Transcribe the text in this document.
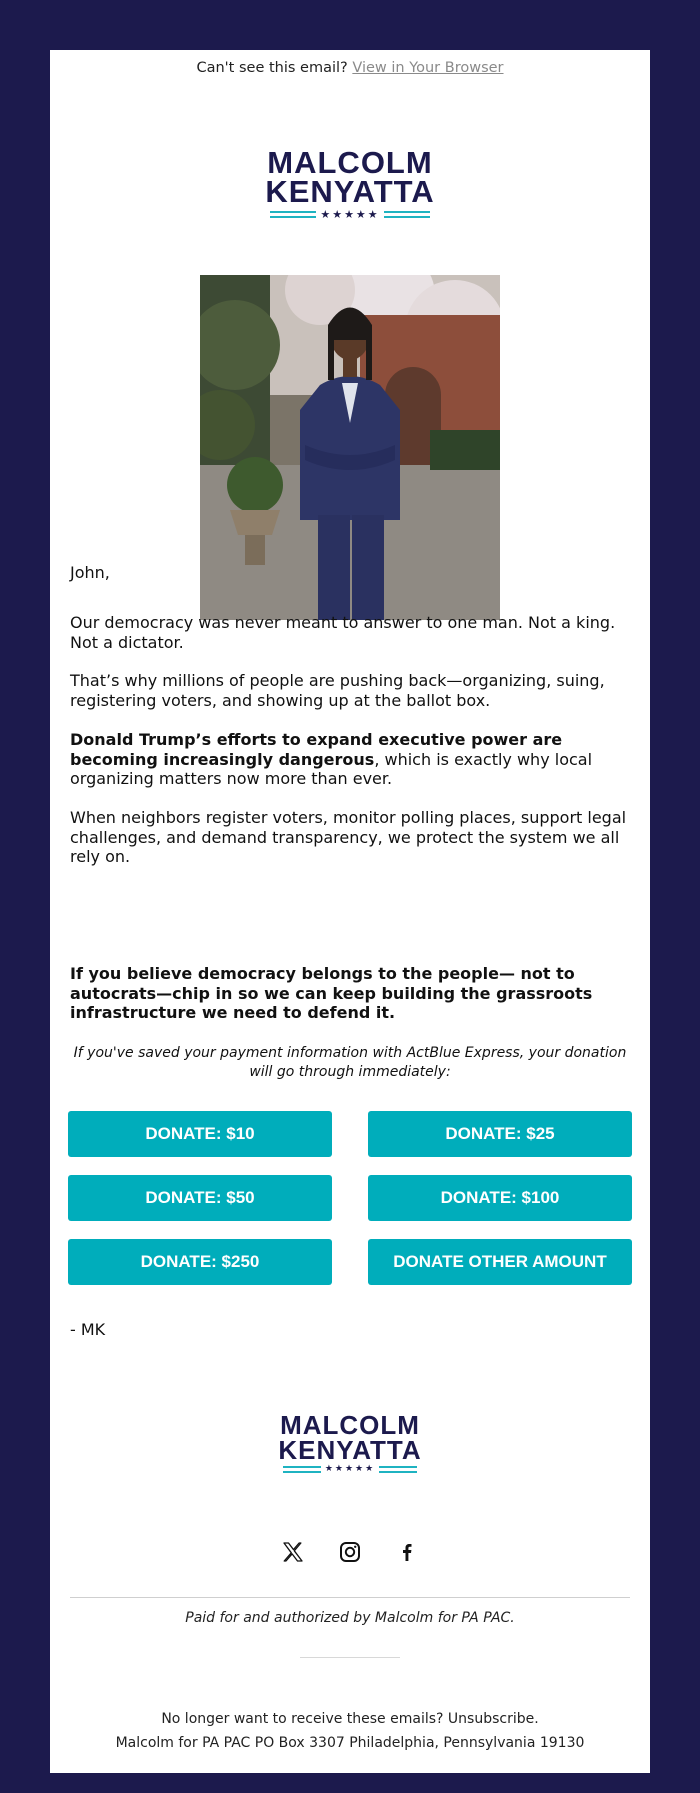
Can't see this email? View in Your Browser
MALCOLM
KENYATTA
★★★★★
John,
Our democracy was never meant to answer to one man. Not a king. Not a dictator.
That’s why millions of people are pushing back—organizing, suing, registering voters, and showing up at the ballot box.
Donald Trump’s efforts to expand executive power are becoming increasingly dangerous, which is exactly why local organizing matters now more than ever.
When neighbors register voters, monitor polling places, support legal challenges, and demand transparency, we protect the system we all rely on.
If you believe democracy belongs to the people— not to autocrats—chip in so we can keep building the grassroots infrastructure we need to defend it.
If you've saved your payment information with ActBlue Express, your donation will go through immediately:
DONATE: $10	DONATE: $25
DONATE: $50	DONATE: $100
DONATE: $250	DONATE OTHER AMOUNT
- MK
MALCOLM
KENYATTA
★★★★★
Paid for and authorized by Malcolm for PA PAC.
No longer want to receive these emails? Unsubscribe.
Malcolm for PA PAC PO Box 3307 Philadelphia, Pennsylvania 19130
